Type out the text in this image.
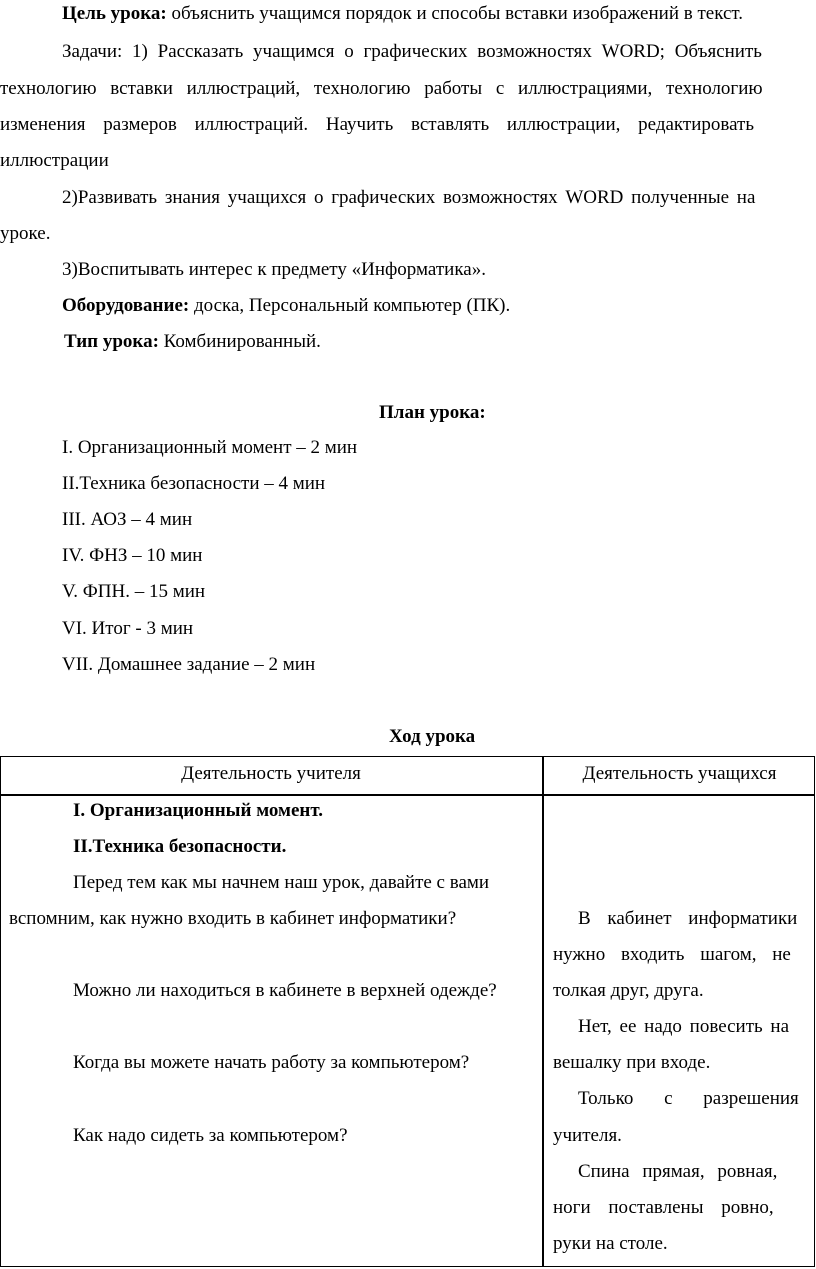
Цель урока: объяснить учащимся порядок и способы вставки изображений в текст.
Задачи: 1) Рассказать учащимся о графических возможностях WORD; Объяснить
технологию вставки иллюстраций, технологию работы с иллюстрациями, технологию
изменения размеров иллюстраций. Научить вставлять иллюстрации, редактировать
иллюстрации
2)Развивать знания учащихся о графических возможностях WORD полученные на
уроке.
3)Воспитывать интерес к предмету «Информатика».
Оборудование: доска, Персональный компьютер (ПК).
Тип урока: Комбинированный.
План урока:
I. Организационный момент – 2 мин
II.Техника безопасности – 4 мин
III. АОЗ – 4 мин
IV. ФНЗ – 10 мин
V. ФПН. – 15 мин
VI. Итог - 3 мин
VII. Домашнее задание – 2 мин
Ход урока
Деятельность учителя	Деятельность учащихся
I. Организационный момент.
II.Техника безопасности.
Перед тем как мы начнем наш урок, давайте с вами
вспомним, как нужно входить в кабинет информатики?
Можно ли находиться в кабинете в верхней одежде?
Когда вы можете начать работу за компьютером?
Как надо сидеть за компьютером?
В кабинет информатики
нужно входить шагом, не
толкая друг, друга.
Нет, ее надо повесить на
вешалку при входе.
Только с разрешения
учителя.
Спина прямая, ровная,
ноги поставлены ровно,
руки на столе.
